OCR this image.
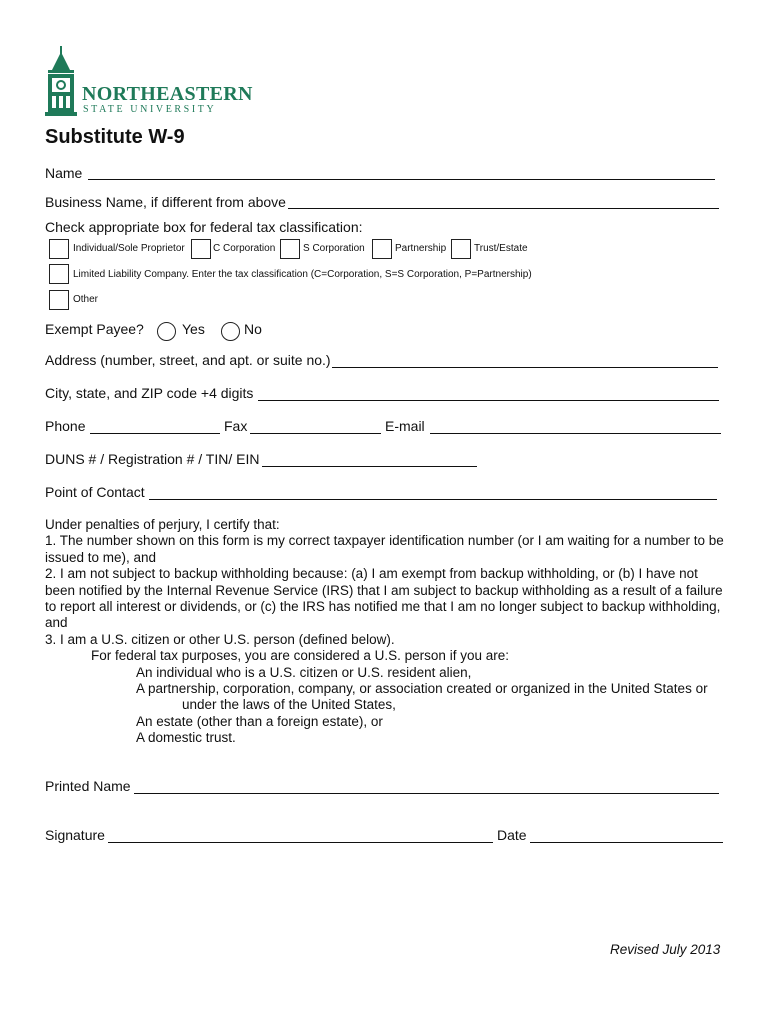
NORTHEASTERN
STATE UNIVERSITY
Substitute W-9
Name
Business Name, if different from above
Check appropriate box for federal tax classification:
Individual/Sole Proprietor	C Corporation	S Corporation	Partnership	Trust/Estate
Limited Liability Company. Enter the tax classification (C=Corporation, S=S Corporation, P=Partnership)
Other
Exempt Payee?	Yes	No
Address (number, street, and apt. or suite no.)
City, state, and ZIP code +4 digits
Phone	Fax	E-mail
DUNS # / Registration # / TIN/ EIN
Point of Contact

Under penalties of perjury, I certify that:

1. The number shown on this form is my correct taxpayer identification number (or I am waiting for a number to be issued to me), and

2. I am not subject to backup withholding because: (a) I am exempt from backup withholding, or (b) I have not been notified by the Internal Revenue Service (IRS) that I am subject to backup withholding as a result of a failure to report all interest or dividends, or (c) the IRS has notified me that I am no longer subject to backup withholding, and

3. I am a U.S. citizen or other U.S. person (defined below).

For federal tax purposes, you are considered a U.S. person if you are:

An individual who is a U.S. citizen or U.S. resident alien,

A partnership, corporation, company, or association created or organized in the United States or

under the laws of the United States,

An estate (other than a foreign estate), or

A domestic trust.

Printed Name
Signature	Date
Revised July 2013
